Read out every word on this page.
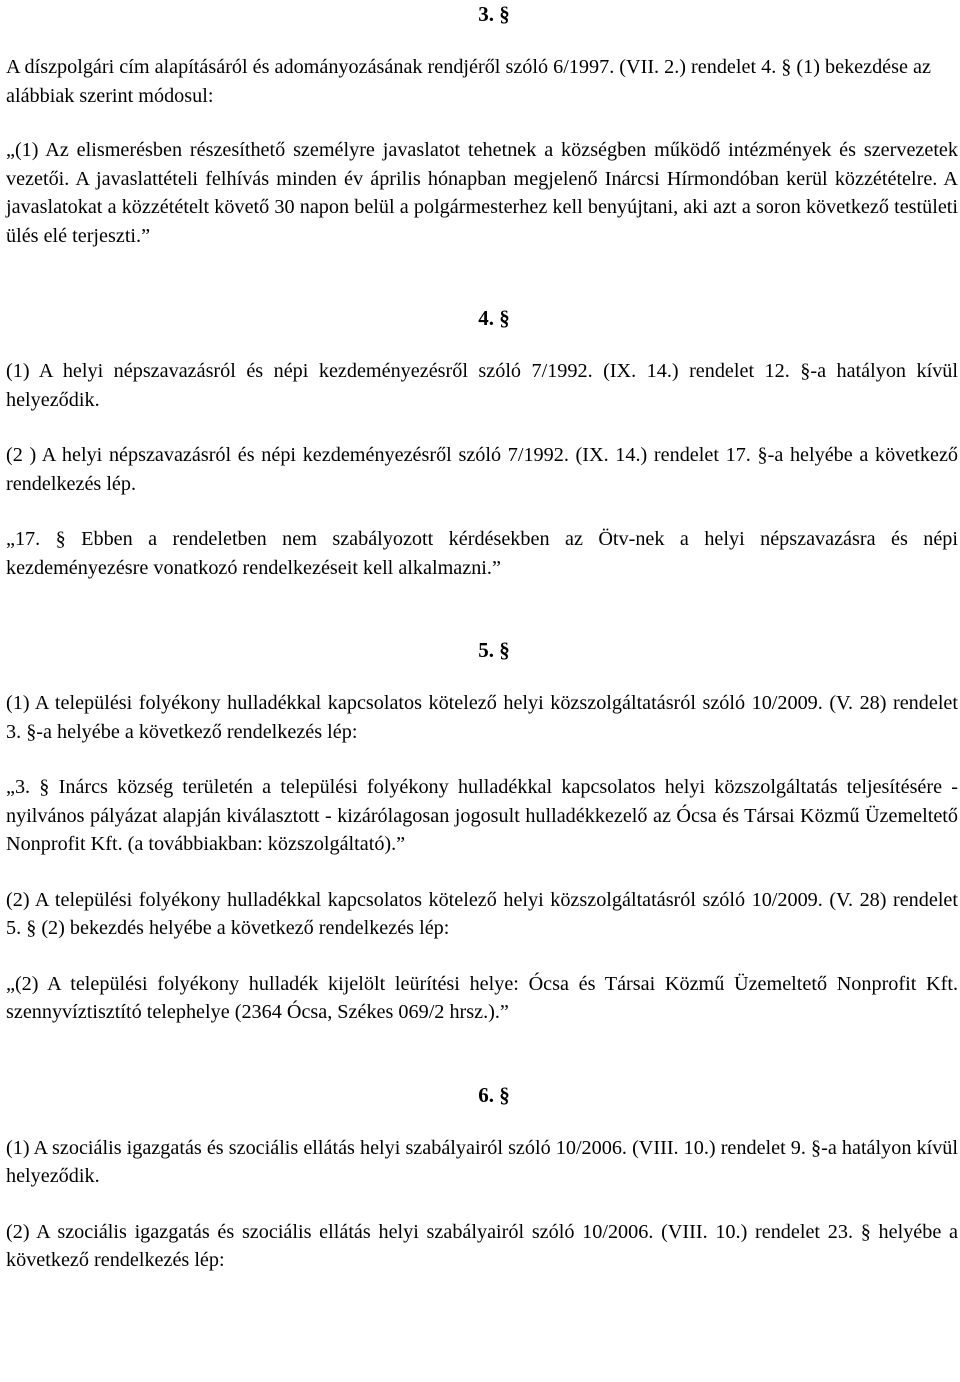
3. §
A díszpolgári cím alapításáról és adományozásának rendjéről szóló 6/1997. (VII. 2.) rendelet 4. § (1) bekezdése az alábbiak szerint módosul:
„(1) Az elismerésben részesíthető személyre javaslatot tehetnek a községben működő intézmények és szervezetek vezetői. A javaslattételi felhívás minden év április hónapban megjelenő Inárcsi Hírmondóban kerül közzétételre. A javaslatokat a közzétételt követő 30 napon belül a polgármesterhez kell benyújtani, aki azt a soron következő testületi ülés elé terjeszti.”
4. §
(1) A helyi népszavazásról és népi kezdeményezésről szóló 7/1992. (IX. 14.) rendelet 12. §-a hatályon kívül helyeződik.
(2 ) A helyi népszavazásról és népi kezdeményezésről szóló 7/1992. (IX. 14.) rendelet 17. §-a helyébe a következő rendelkezés lép.
„17. § Ebben a rendeletben nem szabályozott kérdésekben az Ötv-nek a helyi népszavazásra és népi kezdeményezésre vonatkozó rendelkezéseit kell alkalmazni.”
5. §
(1) A települési folyékony hulladékkal kapcsolatos kötelező helyi közszolgáltatásról szóló 10/2009. (V. 28) rendelet 3. §-a helyébe a következő rendelkezés lép:
„3. § Inárcs község területén a települési folyékony hulladékkal kapcsolatos helyi közszolgáltatás teljesítésére - nyilvános pályázat alapján kiválasztott - kizárólagosan jogosult hulladékkezelő az Ócsa és Társai Közmű Üzemeltető Nonprofit Kft. (a továbbiakban: közszolgáltató).”
(2) A települési folyékony hulladékkal kapcsolatos kötelező helyi közszolgáltatásról szóló 10/2009. (V. 28) rendelet 5. § (2) bekezdés helyébe a következő rendelkezés lép:
„(2) A települési folyékony hulladék kijelölt leürítési helye: Ócsa és Társai Közmű Üzemeltető Nonprofit Kft. szennyvíztisztító telephelye (2364 Ócsa, Székes 069/2 hrsz.).”
6. §
(1) A szociális igazgatás és szociális ellátás helyi szabályairól szóló 10/2006. (VIII. 10.) rendelet 9. §-a hatályon kívül helyeződik.
(2) A szociális igazgatás és szociális ellátás helyi szabályairól szóló 10/2006. (VIII. 10.) rendelet 23. § helyébe a következő rendelkezés lép:
